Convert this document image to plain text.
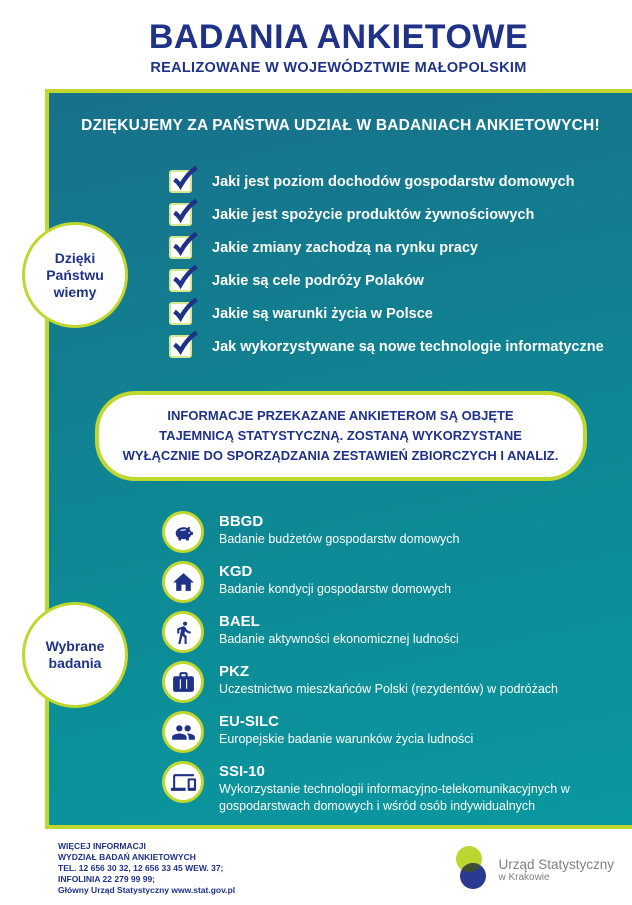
BADANIA ANKIETOWE
REALIZOWANE W WOJEWÓDZTWIE MAŁOPOLSKIM
DZIĘKUJEMY ZA PAŃSTWA UDZIAŁ W BADANIACH ANKIETOWYCH!
Dzięki
Państwu
wiemy
Jaki jest poziom dochodów gospodarstw domowych
Jakie jest spożycie produktów żywnościowych
Jakie zmiany zachodzą na rynku pracy
Jakie są cele podróży Polaków
Jakie są warunki życia w Polsce
Jak wykorzystywane są nowe technologie informatyczne
INFORMACJE PRZEKAZANE ANKIETEROM SĄ OBJĘTE
TAJEMNICĄ STATYSTYCZNĄ. ZOSTANĄ WYKORZYSTANE
WYŁĄCZNIE DO SPORZĄDZANIA ZESTAWIEŃ ZBIORCZYCH I ANALIZ.
Wybrane
badania
BBGD
Badanie budżetów gospodarstw domowych
KGD
Badanie kondycji gospodarstw domowych
BAEL
Badanie aktywności ekonomicznej ludności
PKZ
Uczestnictwo mieszkańców Polski (rezydentów) w podróżach
EU-SILC
Europejskie badanie warunków życia ludności
SSI-10
Wykorzystanie technologii informacyjno-telekomunikacyjnych w gospodarstwach domowych i wśród osób indywidualnych
WIĘCEJ INFORMACJI
WYDZIAŁ BADAŃ ANKIETOWYCH
TEL. 12 656 30 32, 12 656 33 45 WEW. 37;
INFOLINIA 22 279 99 99;
Główny Urząd Statystyczny www.stat.gov.pl
Urząd Statystyczny
w Krakowie
